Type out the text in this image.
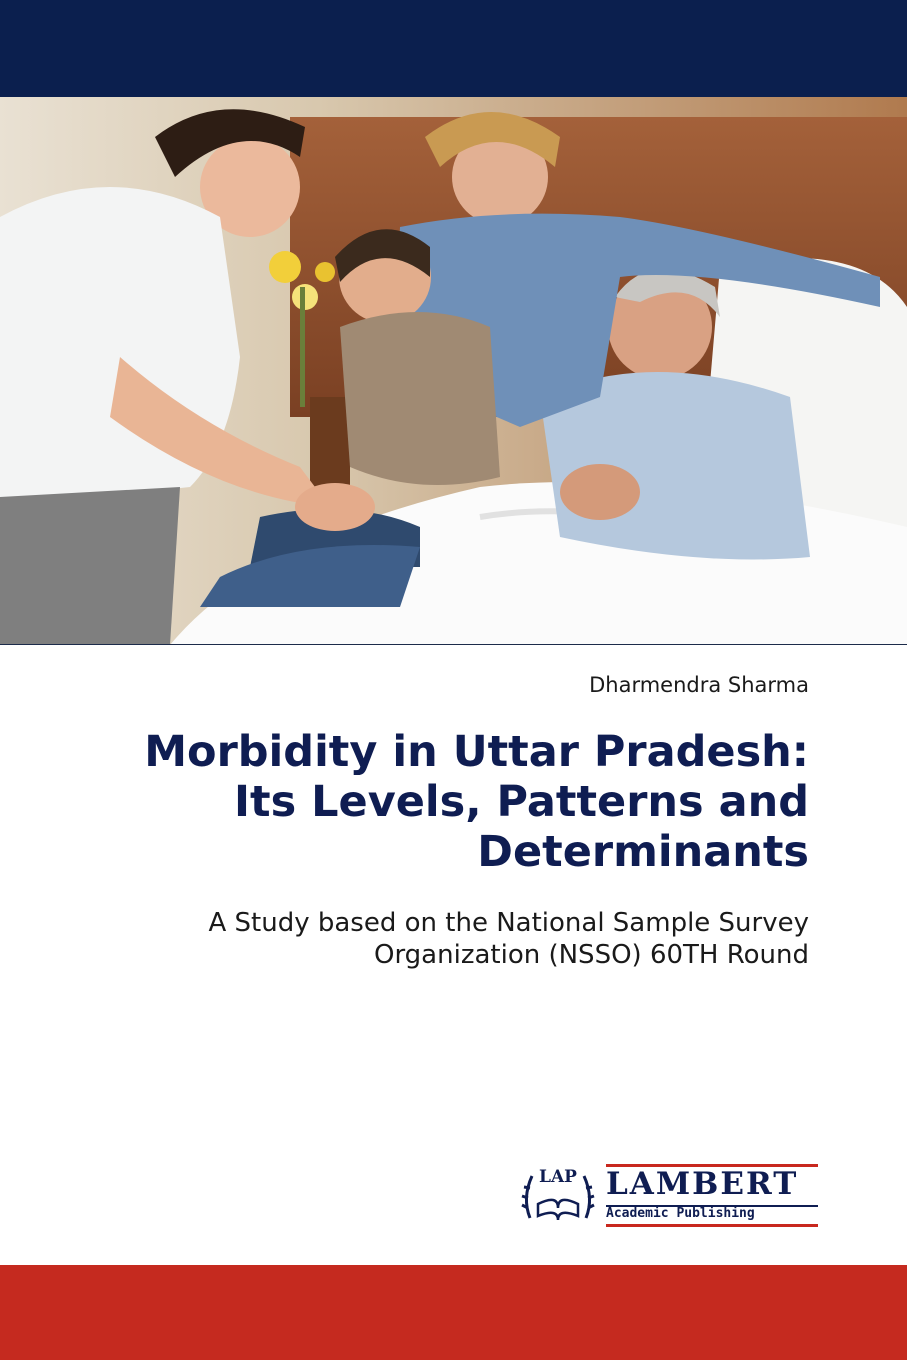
Dharmendra Sharma
Morbidity in Uttar Pradesh:
Its Levels, Patterns and
Determinants
A Study based on the National Sample Survey
Organization (NSSO) 60TH Round
LAP LAMBERT
Academic Publishing
